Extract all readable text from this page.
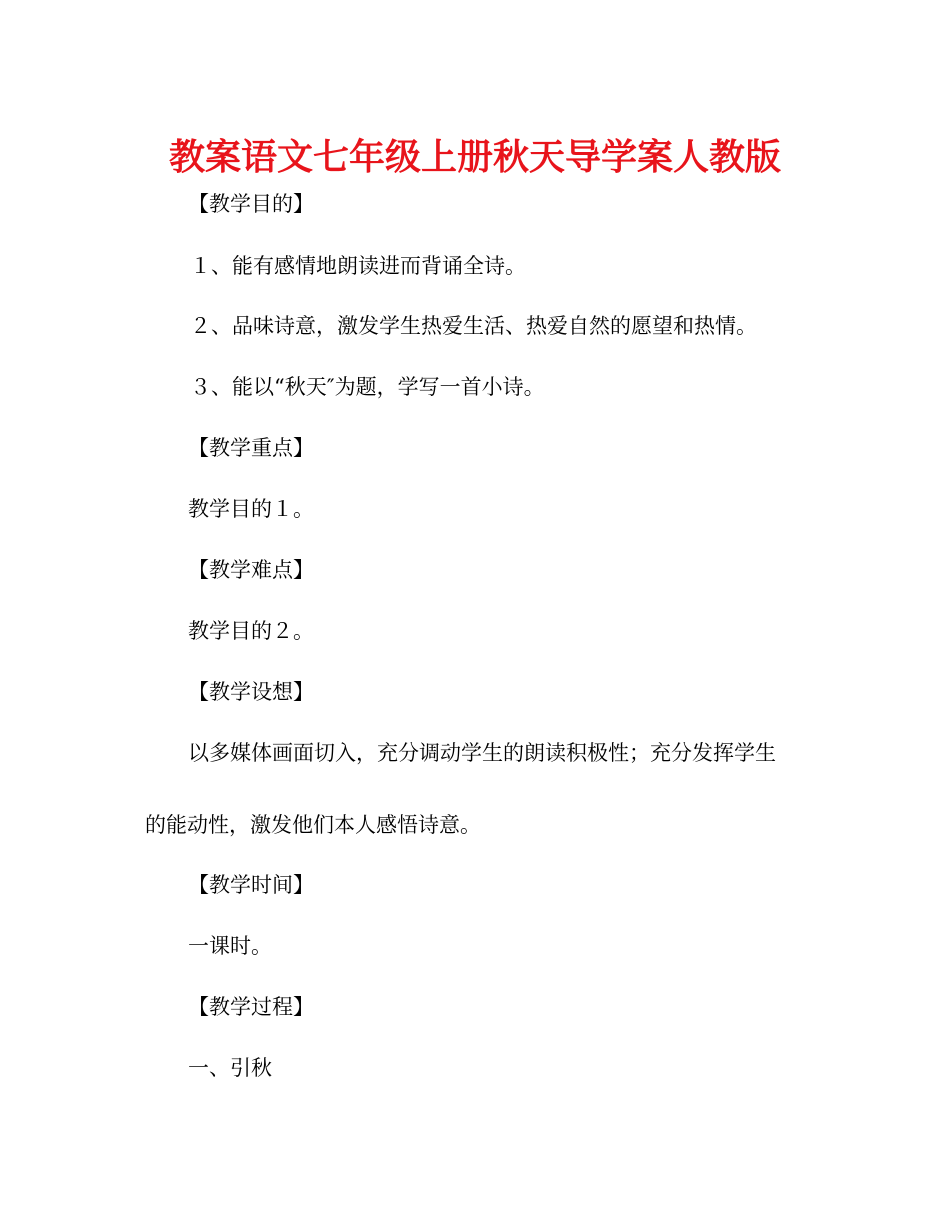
教案语文七年级上册秋天导学案人教版

【教学目的】

１、能有感情地朗读进而背诵全诗。

２、品味诗意，激发学生热爱生活、热爱自然的愿望和热情。

３、能以“秋天″为题，学写一首小诗。

【教学重点】

教学目的１。

【教学难点】

教学目的２。

【教学设想】

以多媒体画面切入，充分调动学生的朗读积极性；充分发挥学生

的能动性，激发他们本人感悟诗意。

【教学时间】

一课时。

【教学过程】

一、引秋
